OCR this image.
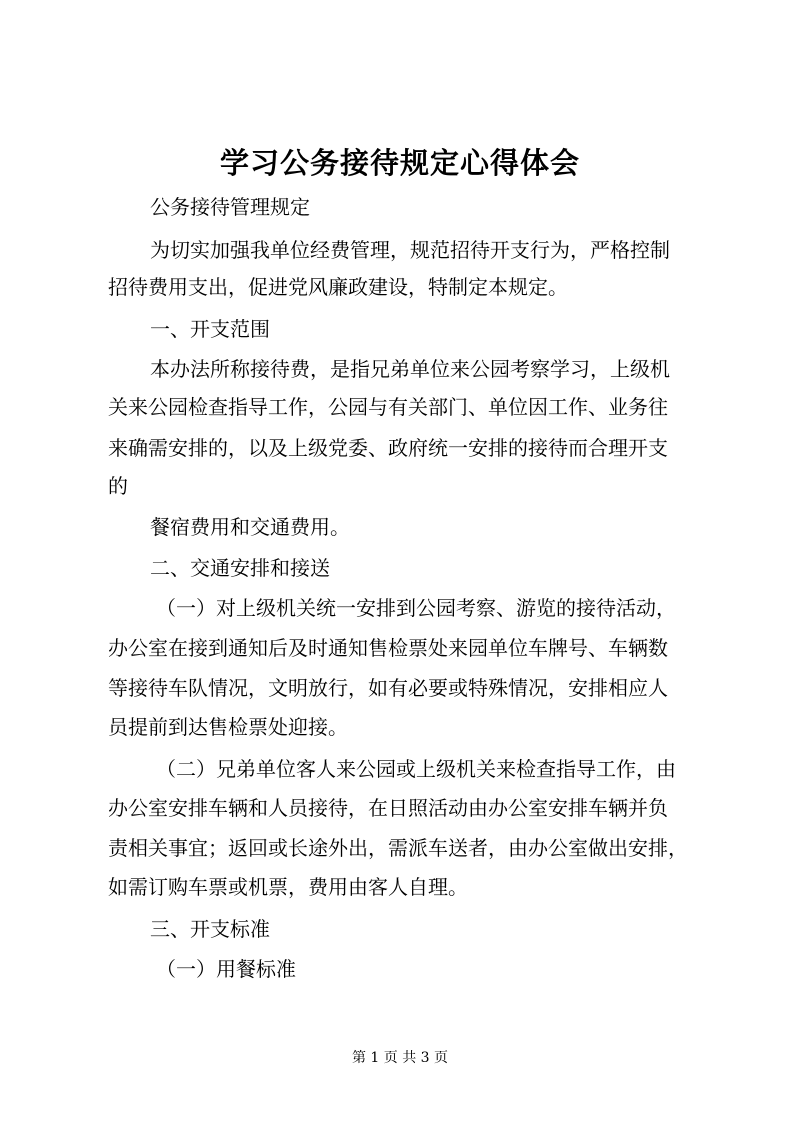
学习公务接待规定心得体会
公务接待管理规定
为切实加强我单位经费管理，规范招待开支行为，严格控制
招待费用支出，促进党风廉政建设，特制定本规定。
一、开支范围
本办法所称接待费，是指兄弟单位来公园考察学习，上级机
关来公园检查指导工作，公园与有关部门、单位因工作、业务往
来确需安排的，以及上级党委、政府统一安排的接待而合理开支
的
餐宿费用和交通费用。
二、交通安排和接送
（一）对上级机关统一安排到公园考察、游览的接待活动，
办公室在接到通知后及时通知售检票处来园单位车牌号、车辆数
等接待车队情况，文明放行，如有必要或特殊情况，安排相应人
员提前到达售检票处迎接。
（二）兄弟单位客人来公园或上级机关来检查指导工作，由
办公室安排车辆和人员接待，在日照活动由办公室安排车辆并负
责相关事宜；返回或长途外出，需派车送者，由办公室做出安排，
如需订购车票或机票，费用由客人自理。
三、开支标准
（一）用餐标准
第 1 页 共 3 页
